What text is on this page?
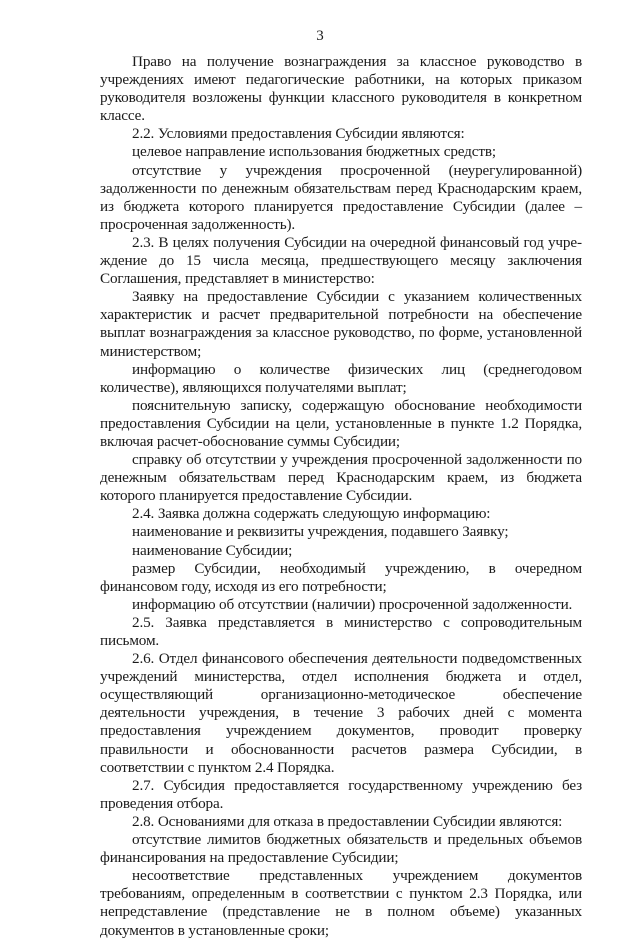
3

Право на получение вознаграждения за классное руководство в учреждениях имеют педагогические работники, на которых приказом руководителя возложены функции классного руководителя в конкретном классе.

2.2. Условиями предоставления Субсидии являются:

целевое направление использования бюджетных средств;

отсутствие у учреждения просроченной (неурегулированной) задолженности по денежным обязательствам перед Краснодарским краем, из бюджета которого планируется предоставление Субсидии (далее – просроченная задолженность).

2.3. В целях получения Субсидии на очередной финансовый год учреждение до 15 числа месяца, предшествующего месяцу заключения Соглашения, представляет в министерство:

Заявку на предоставление Субсидии с указанием количественных характеристик и расчет предварительной потребности на обеспечение выплат вознаграждения за классное руководство, по форме, установленной министерством;

информацию о количестве физических лиц (среднегодовом количестве), являющихся получателями выплат;

пояснительную записку, содержащую обоснование необходимости предоставления Субсидии на цели, установленные в пункте 1.2 Порядка, включая расчет-обоснование суммы Субсидии;

справку об отсутствии у учреждения просроченной задолженности по денежным обязательствам перед Краснодарским краем, из бюджета которого планируется предоставление Субсидии.

2.4. Заявка должна содержать следующую информацию:

наименование и реквизиты учреждения, подавшего Заявку;

наименование Субсидии;

размер Субсидии, необходимый учреждению, в очередном финансовом году, исходя из его потребности;

информацию об отсутствии (наличии) просроченной задолженности.

2.5. Заявка представляется в министерство с сопроводительным письмом.

2.6. Отдел финансового обеспечения деятельности подведомственных учреждений министерства, отдел исполнения бюджета и отдел, осуществляющий организационно-методическое обеспечение деятельности учреждения, в течение 3 рабочих дней с момента предоставления учреждением документов, проводит проверку правильности и обоснованности расчетов размера Субсидии, в соответствии с пунктом 2.4 Порядка.

2.7. Субсидия предоставляется государственному учреждению без проведения отбора.

2.8. Основаниями для отказа в предоставлении Субсидии являются:

отсутствие лимитов бюджетных обязательств и предельных объемов финансирования на предоставление Субсидии;

несоответствие представленных учреждением документов требованиям, определенным в соответствии с пунктом 2.3 Порядка, или непредставление (представление не в полном объеме) указанных документов в установленные сроки;
